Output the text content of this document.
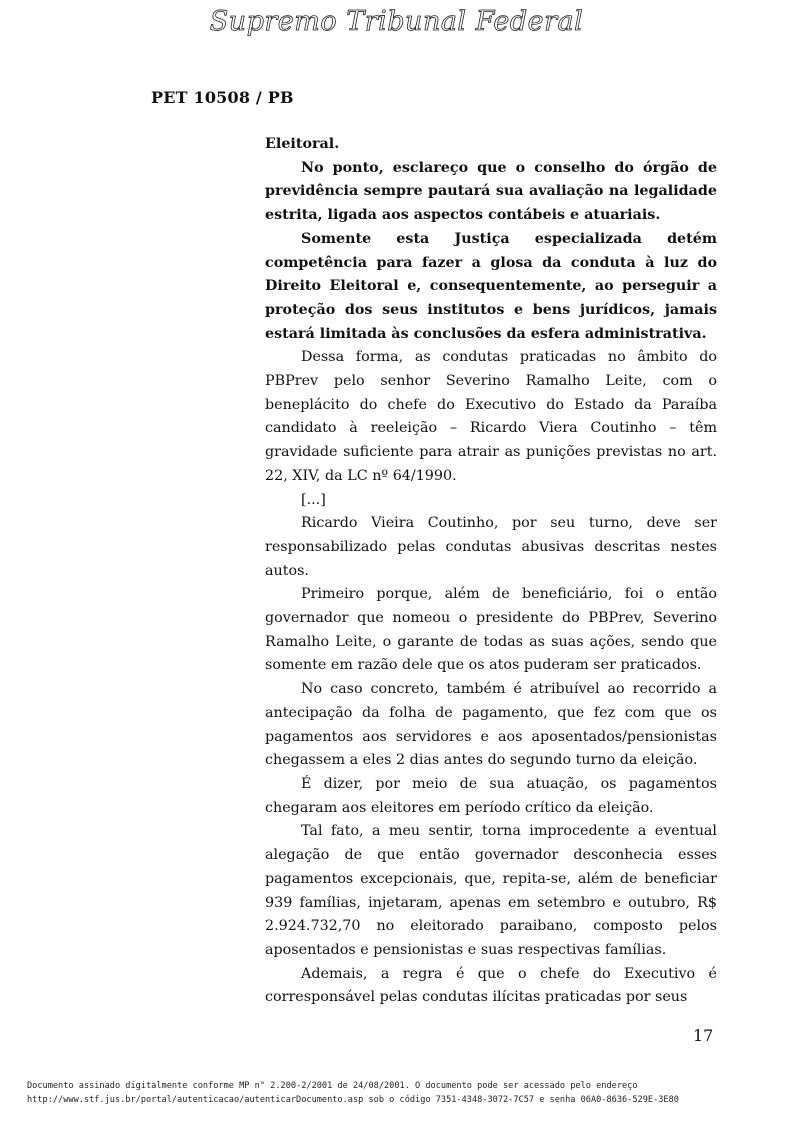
Supremo Tribunal Federal
PET 10508 / PB

Eleitoral.

No ponto, esclareço que o conselho do órgão de previdência sempre pautará sua avaliação na legalidade estrita, ligada aos aspectos contábeis e atuariais.

Somente esta Justiça especializada detém competência para fazer a glosa da conduta à luz do Direito Eleitoral e, consequentemente, ao perseguir a proteção dos seus institutos e bens jurídicos, jamais estará limitada às conclusões da esfera administrativa.

Dessa forma, as condutas praticadas no âmbito do PBPrev pelo senhor Severino Ramalho Leite, com o beneplácito do chefe do Executivo do Estado da Paraíba candidato à reeleição – Ricardo Viera Coutinho – têm gravidade suficiente para atrair as punições previstas no art. 22, XIV, da LC nº 64/1990.

[...]

Ricardo Vieira Coutinho, por seu turno, deve ser responsabilizado pelas condutas abusivas descritas nestes autos.

Primeiro porque, além de beneficiário, foi o então governador que nomeou o presidente do PBPrev, Severino Ramalho Leite, o garante de todas as suas ações, sendo que somente em razão dele que os atos puderam ser praticados.

No caso concreto, também é atribuível ao recorrido a antecipação da folha de pagamento, que fez com que os pagamentos aos servidores e aos aposentados/pensionistas chegassem a eles 2 dias antes do segundo turno da eleição.

É dizer, por meio de sua atuação, os pagamentos chegaram aos eleitores em período crítico da eleição.

Tal fato, a meu sentir, torna improcedente a eventual alegação de que então governador desconhecia esses pagamentos excepcionais, que, repita-se, além de beneficiar 939 famílias, injetaram, apenas em setembro e outubro, R$ 2.924.732,70 no eleitorado paraibano, composto pelos aposentados e pensionistas e suas respectivas famílias.

Ademais, a regra é que o chefe do Executivo é corresponsável pelas condutas ilícitas praticadas por seus

17
Documento assinado digitalmente conforme MP n° 2.200-2/2001 de 24/08/2001. O documento pode ser acessado pelo endereço
http://www.stf.jus.br/portal/autenticacao/autenticarDocumento.asp sob o código 7351-4348-3072-7C57 e senha 06A0-8636-529E-3E80
